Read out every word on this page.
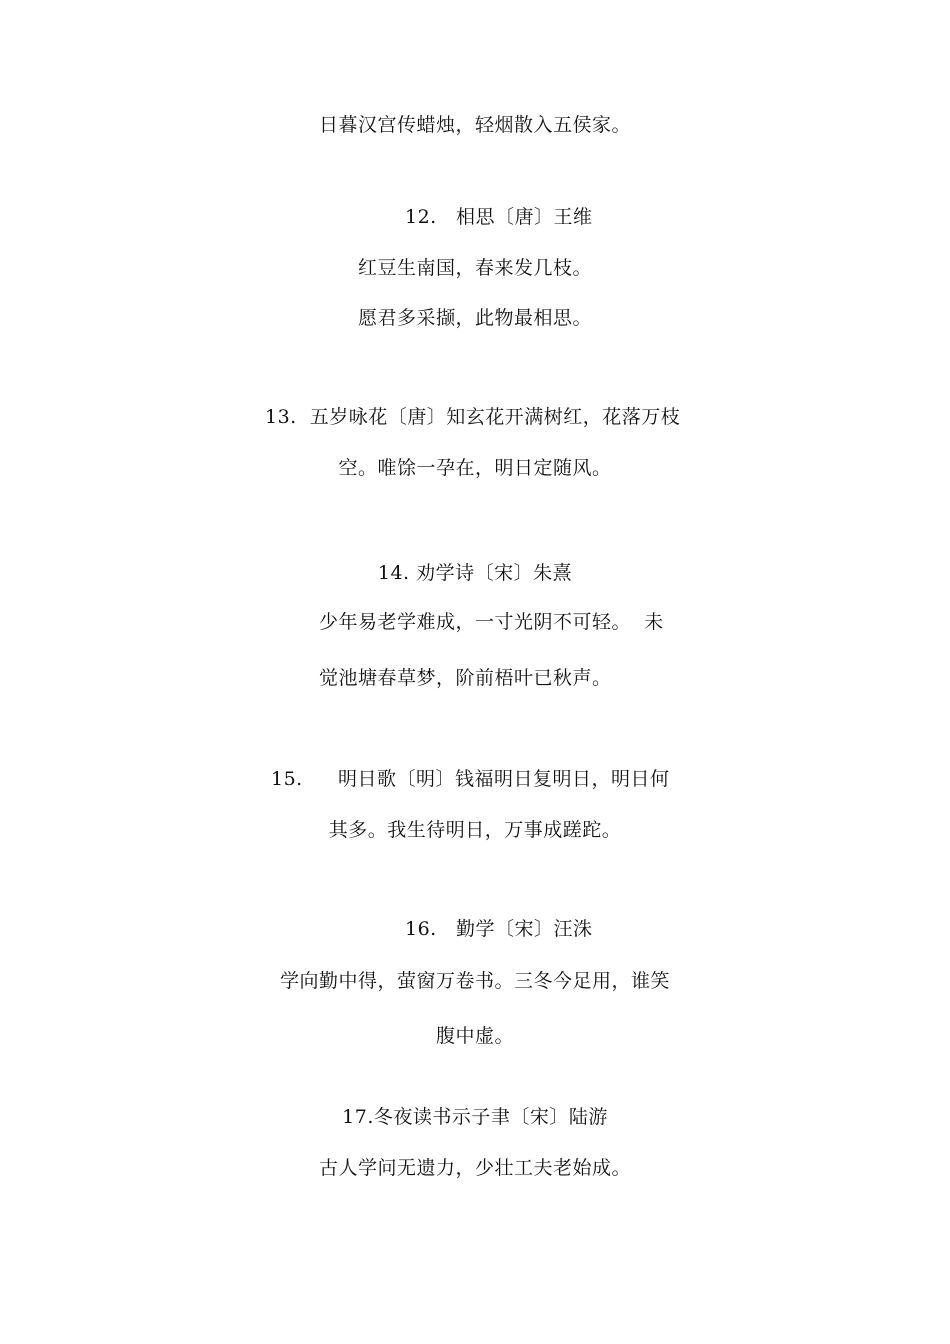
日暮汉宫传蜡烛，轻烟散入五侯家。
12. 相思〔唐〕王维
红豆生南国，春来发几枝。
愿君多采撷，此物最相思。
13.  五岁咏花〔唐〕知玄花开满树红，花落万枝
空。唯馀一孕在，明日定随风。
14. 劝学诗〔宋〕朱熹
少年易老学难成，一寸光阴不可轻。  未
觉池塘春草梦，阶前梧叶已秋声。
15. 明日歌〔明〕钱福明日复明日，明日何
其多。我生待明日，万事成蹉跎。
16. 勤学〔宋〕汪洙
学向勤中得，萤窗万卷书。三冬今足用，谁笑
腹中虚。
17.冬夜读书示子聿〔宋〕陆游
古人学问无遗力，少壮工夫老始成。
